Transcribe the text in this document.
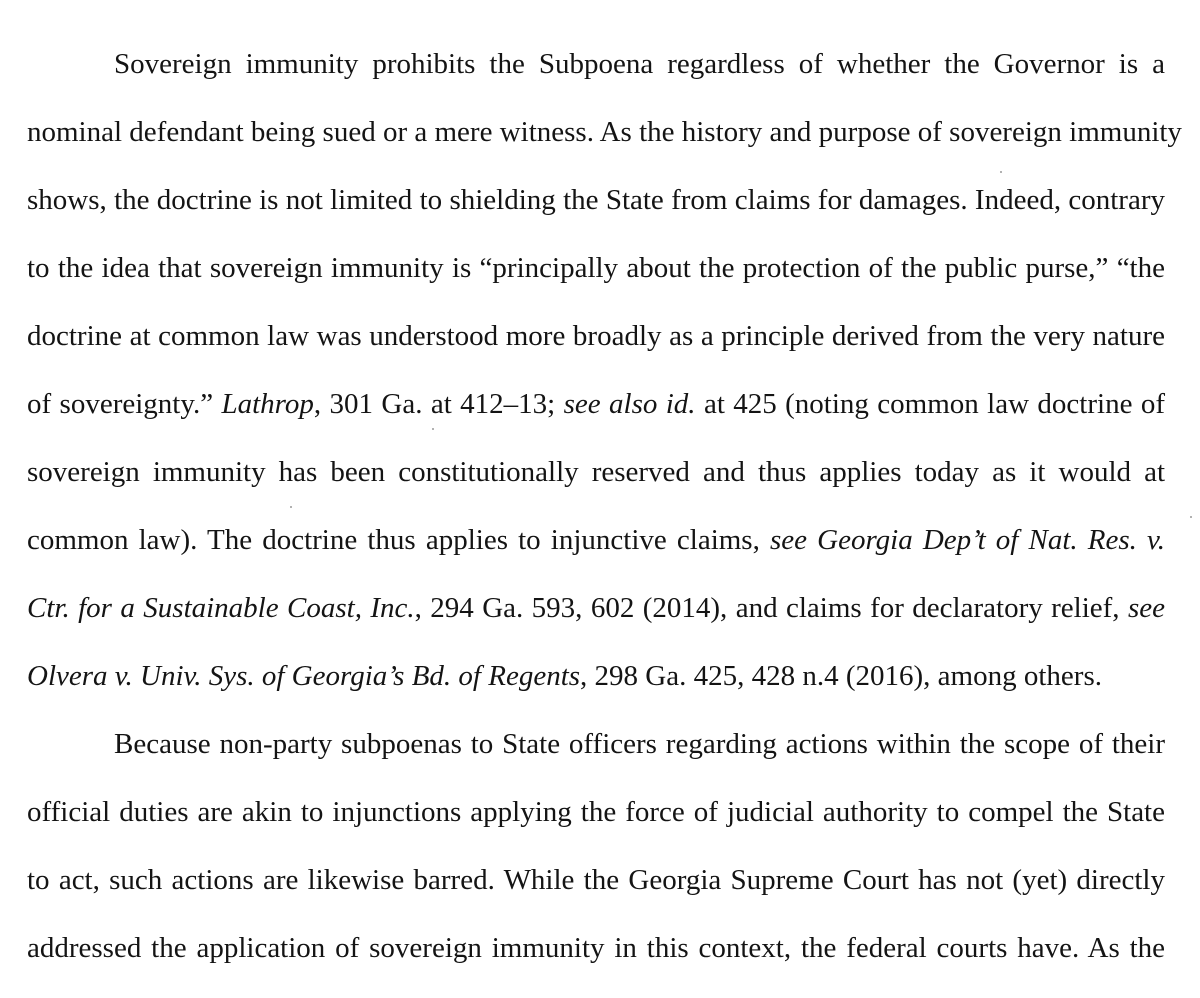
Sovereign immunity prohibits the Subpoena regardless of whether the Governor is a
nominal defendant being sued or a mere witness. As the history and purpose of sovereign immunity
shows, the doctrine is not limited to shielding the State from claims for damages. Indeed, contrary
to the idea that sovereign immunity is “principally about the protection of the public purse,” “the
doctrine at common law was understood more broadly as a principle derived from the very nature
of sovereignty.” Lathrop, 301 Ga. at 412–13; see also id. at 425 (noting common law doctrine of
sovereign immunity has been constitutionally reserved and thus applies today as it would at
common law). The doctrine thus applies to injunctive claims, see Georgia Dep’t of Nat. Res. v.
Ctr. for a Sustainable Coast, Inc., 294 Ga. 593, 602 (2014), and claims for declaratory relief, see
Olvera v. Univ. Sys. of Georgia’s Bd. of Regents, 298 Ga. 425, 428 n.4 (2016), among others.
Because non-party subpoenas to State officers regarding actions within the scope of their
official duties are akin to injunctions applying the force of judicial authority to compel the State
to act, such actions are likewise barred. While the Georgia Supreme Court has not (yet) directly
addressed the application of sovereign immunity in this context, the federal courts have. As the
